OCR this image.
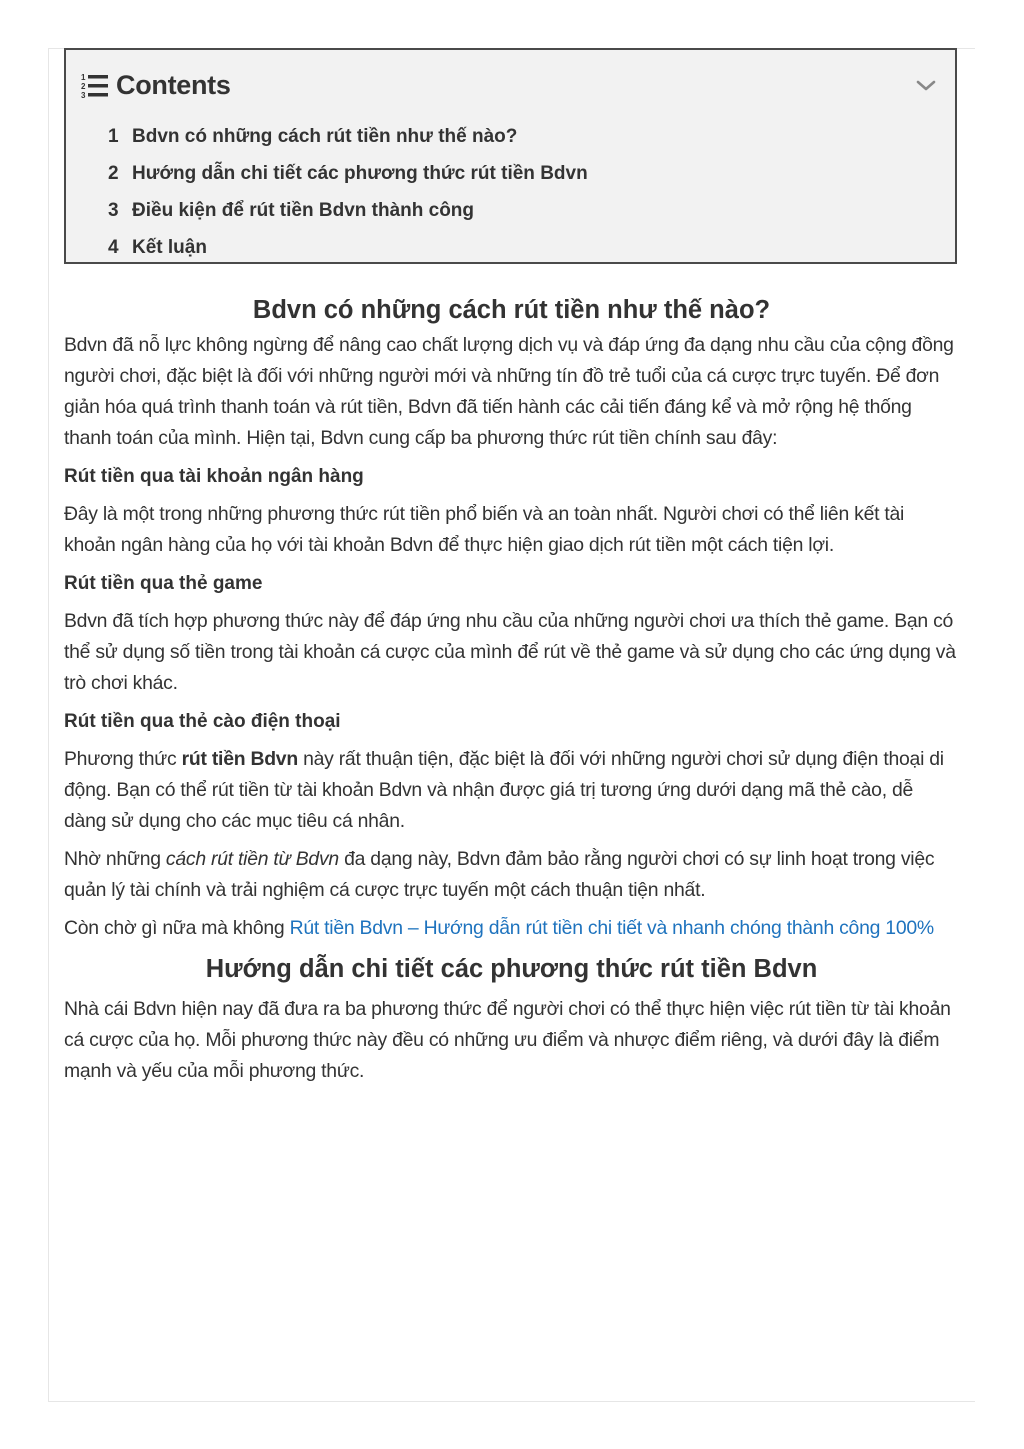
1
2
3 Contents
1 Bdvn có những cách rút tiền như thế nào?
2 Hướng dẫn chi tiết các phương thức rút tiền Bdvn
3 Điều kiện để rút tiền Bdvn thành công
4 Kết luận
Bdvn có những cách rút tiền như thế nào?

Bdvn đã nỗ lực không ngừng để nâng cao chất lượng dịch vụ và đáp ứng đa dạng nhu cầu của cộng đồng người chơi, đặc biệt là đối với những người mới và những tín đồ trẻ tuổi của cá cược trực tuyến. Để đơn giản hóa quá trình thanh toán và rút tiền, Bdvn đã tiến hành các cải tiến đáng kể và mở rộng hệ thống thanh toán của mình. Hiện tại, Bdvn cung cấp ba phương thức rút tiền chính sau đây:

Rút tiền qua tài khoản ngân hàng

Đây là một trong những phương thức rút tiền phổ biến và an toàn nhất. Người chơi có thể liên kết tài khoản ngân hàng của họ với tài khoản Bdvn để thực hiện giao dịch rút tiền một cách tiện lợi.

Rút tiền qua thẻ game

Bdvn đã tích hợp phương thức này để đáp ứng nhu cầu của những người chơi ưa thích thẻ game. Bạn có thể sử dụng số tiền trong tài khoản cá cược của mình để rút về thẻ game và sử dụng cho các ứng dụng và trò chơi khác.

Rút tiền qua thẻ cào điện thoại

Phương thức rút tiền Bdvn này rất thuận tiện, đặc biệt là đối với những người chơi sử dụng điện thoại di động. Bạn có thể rút tiền từ tài khoản Bdvn và nhận được giá trị tương ứng dưới dạng mã thẻ cào, dễ dàng sử dụng cho các mục tiêu cá nhân.

Nhờ những cách rút tiền từ Bdvn đa dạng này, Bdvn đảm bảo rằng người chơi có sự linh hoạt trong việc quản lý tài chính và trải nghiệm cá cược trực tuyến một cách thuận tiện nhất.

Còn chờ gì nữa mà không Rút tiền Bdvn – Hướng dẫn rút tiền chi tiết và nhanh chóng thành công 100%

Hướng dẫn chi tiết các phương thức rút tiền Bdvn

Nhà cái Bdvn hiện nay đã đưa ra ba phương thức để người chơi có thể thực hiện việc rút tiền từ tài khoản cá cược của họ. Mỗi phương thức này đều có những ưu điểm và nhược điểm riêng, và dưới đây là điểm mạnh và yếu của mỗi phương thức.
